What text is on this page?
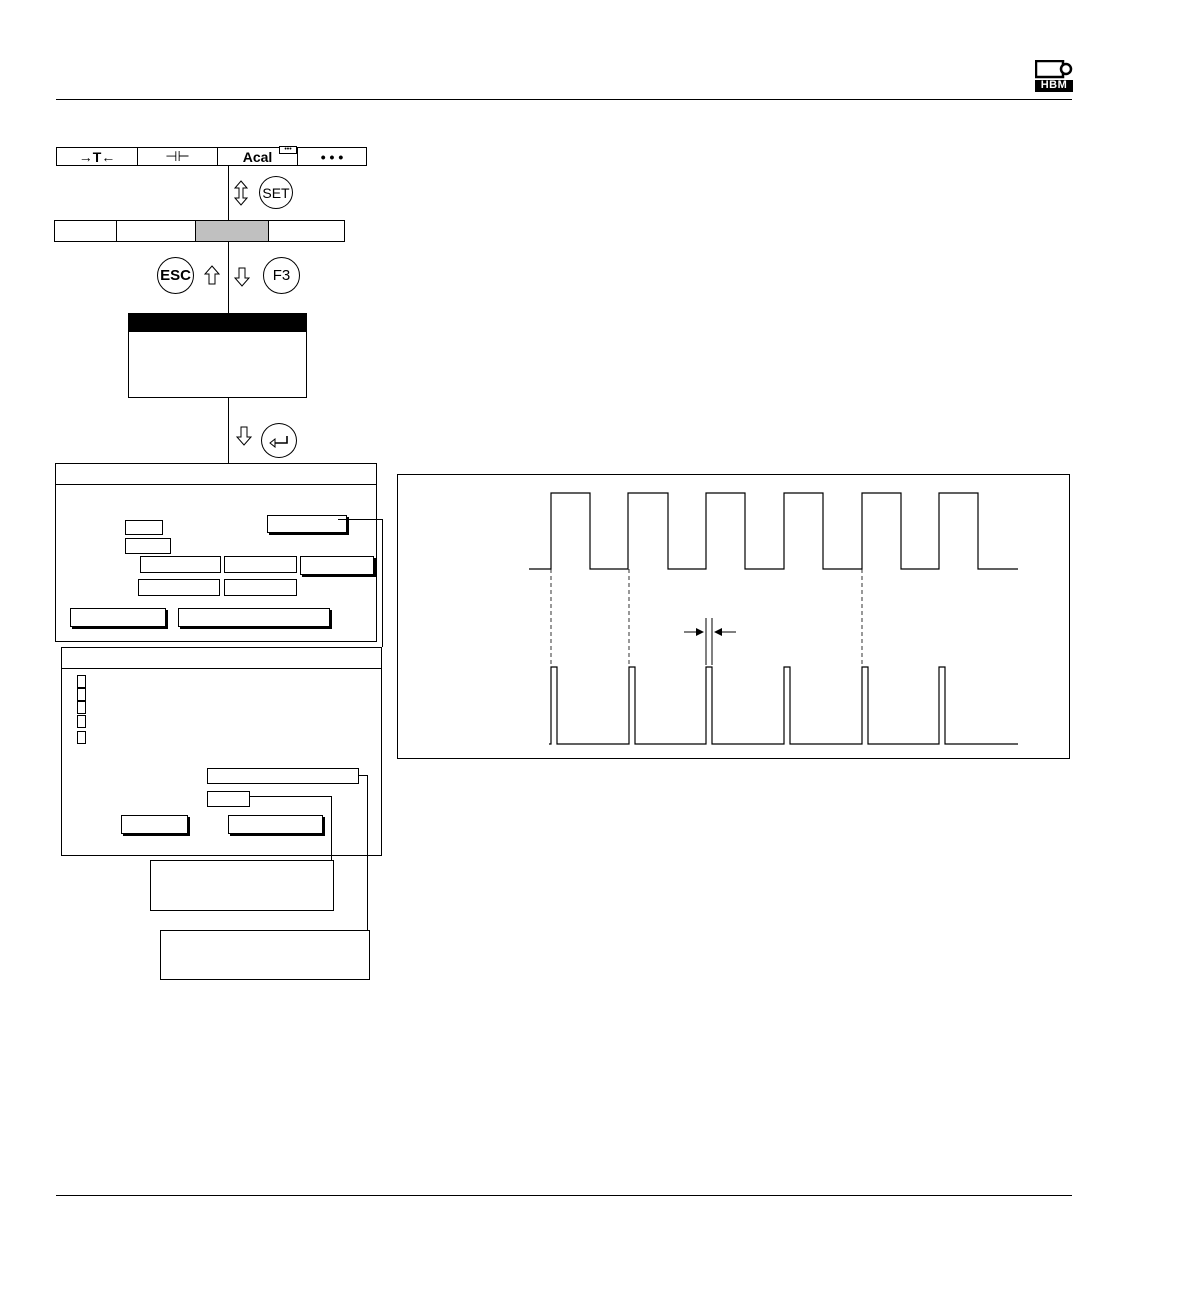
HBM
→T←	⊣⊢	Acal	•••	• • •
SET
ESC	F3
